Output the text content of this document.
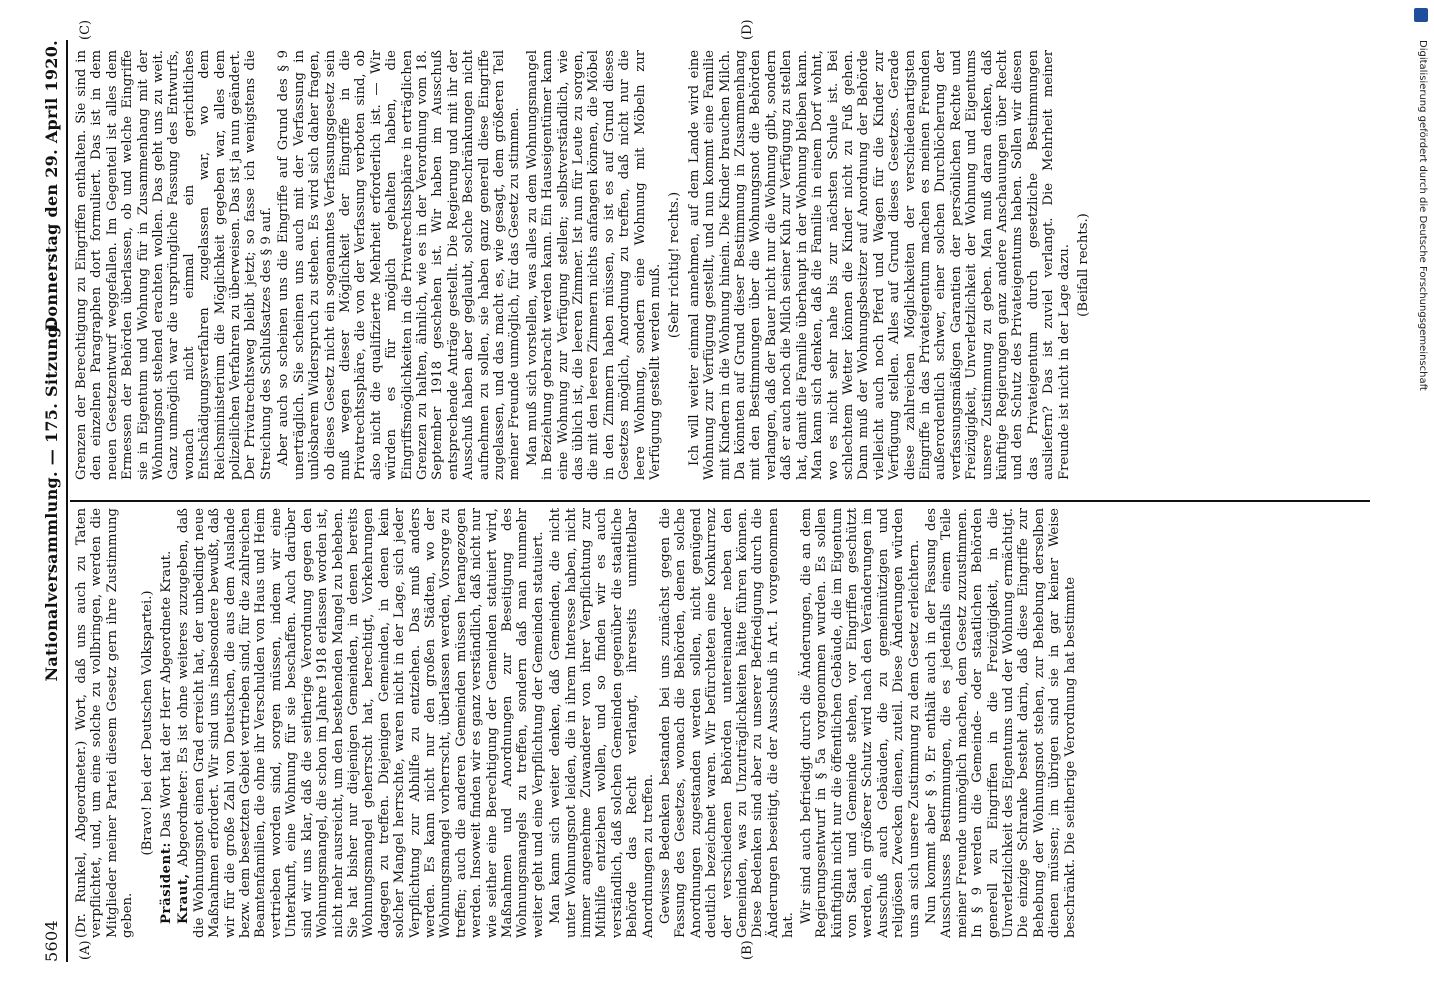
5604
Nationalversammlung. — 175. Sitzung.
Donnerstag den 29. April 1920.
(A)	(B)
(C)	(D)

(Dr. Runkel, Abgeordneter.) Wort, daß uns auch zu Taten verpflichtet, und, um eine solche zu vollbringen, werden die Mitglieder meiner Partei diesem Gesetz gern ihre Zustimmung geben.

(Bravo! bei der Deutschen Volkspartei.)

Präsident: Das Wort hat der Herr Abgeordnete Kraut.

Kraut, Abgeordneter: Es ist ohne weiteres zuzugeben, daß die Wohnungsnot einen Grad erreicht hat, der unbedingt neue Maßnahmen erfordert. Wir sind uns insbesondere bewußt, daß wir für die große Zahl von Deutschen, die aus dem Auslande bezw. dem besetzten Gebiet vertrieben sind, für die zahlreichen Beamtenfamilien, die ohne ihr Verschulden von Haus und Heim vertrieben worden sind, sorgen müssen, indem wir eine Unterkunft, eine Wohnung für sie beschaffen. Auch darüber sind wir uns klar, daß die seitherige Verordnung gegen den Wohnungsmangel, die schon im Jahre 1918 erlassen worden ist, nicht mehr ausreicht, um den bestehenden Mangel zu beheben. Sie hat bisher nur diejenigen Gemeinden, in denen bereits Wohnungsmangel geherrscht hat, berechtigt, Vorkehrungen dagegen zu treffen. Diejenigen Gemeinden, in denen kein solcher Mangel herrschte, waren nicht in der Lage, sich jeder Verpflichtung zur Abhilfe zu entziehen. Das muß anders werden. Es kann nicht nur den großen Städten, wo der Wohnungsmangel vorherrscht, überlassen werden, Vorsorge zu treffen; auch die anderen Gemeinden müssen herangezogen werden. Insoweit finden wir es ganz verständlich, daß nicht nur wie seither eine Berechtigung der Gemeinden statuiert wird, Maßnahmen und Anordnungen zur Beseitigung des Wohnungsmangels zu treffen, sondern daß man nunmehr weiter geht und eine Verpflichtung der Gemeinden statuiert. Man kann sich weiter denken, daß Gemeinden, die nicht unter Wohnungsnot leiden, die in ihrem Interesse haben, nicht immer angenehme Zuwanderer von ihrer Verpflichtung zur Mithilfe entziehen wollen, und so finden wir es auch verständlich, daß solchen Gemeinden gegenüber die staatliche Behörde das Recht verlangt, ihrerseits unmittelbar Anordnungen zu treffen. Gewisse Bedenken bestanden bei uns zunächst gegen die Fassung des Gesetzes, wonach die Behörden, denen solche Anordnungen zugestanden werden sollen, nicht genügend deutlich bezeichnet waren. Wir befürchteten eine Konkurrenz der verschiedenen Behörden untereinander neben den Gemeinden, was zu Unzuträglichkeiten hätte führen können. Diese Bedenken sind aber zu unserer Befriedigung durch die Änderungen beseitigt, die der Ausschuß in Art. 1 vorgenommen hat.

Wir sind auch befriedigt durch die Änderungen, die an dem Regierungsentwurf in § 5a vorgenommen wurden. Es sollen künftighin nicht nur die öffentlichen Gebäude, die im Eigentum von Staat und Gemeinde stehen, vor Eingriffen geschützt werden, ein größerer Schutz wird nach den Veränderungen im Ausschuß auch Gebäuden, die zu gemeinnützigen und religiösen Zwecken dienen, zuteil. Diese Änderungen würden uns an sich unsere Zustimmung zu dem Gesetz erleichtern. Nun kommt aber § 9. Er enthält auch in der Fassung des Ausschusses Bestimmungen, die es jedenfalls einem Teile meiner Freunde unmöglich machen, dem Gesetz zuzustimmen. In § 9 werden die Gemeinde- oder staatlichen Behörden generell zu Eingriffen in die Freizügigkeit, in die Unverletzlichkeit des Eigentums und der Wohnung ermächtigt. Die einzige Schranke besteht darin, daß diese Eingriffe zur Behebung der Wohnungsnot stehen, zur Behebung derselben dienen müssen; im übrigen sind sie in gar keiner Weise beschränkt. Die seitherige Verordnung hat bestimmte

Grenzen der Berechtigung zu Eingriffen enthalten. Sie sind in den einzelnen Paragraphen dort formuliert. Das ist in dem neuen Gesetzentwurf weggefallen. Im Gegenteil ist alles dem Ermessen der Behörden überlassen, ob und welche Eingriffe sie in Eigentum und Wohnung für in Zusammenhang mit der Wohnungsnot stehend erachten wollen. Das geht uns zu weit. Ganz unmöglich war die ursprüngliche Fassung des Entwurfs, wonach nicht einmal ein gerichtliches Entschädigungsverfahren zugelassen war, wo dem Reichsministerium die Möglichkeit gegeben war, alles dem polizeilichen Verfahren zu überweisen. Das ist ja nun geändert. Der Privatrechtsweg bleibt jetzt; so fasse ich wenigstens die Streichung des Schlußsatzes des § 9 auf. Aber auch so scheinen uns die Eingriffe auf Grund des § 9 unerträglich. Sie scheinen uns auch mit der Verfassung in unlösbarem Widerspruch zu stehen. Es wird sich daher fragen, ob dieses Gesetz nicht ein sogenanntes Verfassungsgesetz sein muß wegen dieser Möglichkeit der Eingriffe in die Privatrechtssphäre, die von der Verfassung verboten sind, ob also nicht die qualifizierte Mehrheit erforderlich ist. — Wir würden es für möglich gehalten haben, die Eingriffsmöglichkeiten in die Privatrechtssphäre in erträglichen Grenzen zu halten, ähnlich, wie es in der Verordnung vom 18. September 1918 geschehen ist. Wir haben im Ausschuß entsprechende Anträge gestellt. Die Regierung und mit ihr der Ausschuß haben aber geglaubt, solche Beschränkungen nicht aufnehmen zu sollen, sie haben ganz generell diese Eingriffe zugelassen, und das macht es, wie gesagt, dem größeren Teil meiner Freunde unmöglich, für das Gesetz zu stimmen. Man muß sich vorstellen, was alles zu dem Wohnungsmangel in Beziehung gebracht werden kann. Ein Hauseigentümer kann eine Wohnung zur Verfügung stellen; selbstverständlich, wie das üblich ist, die leeren Zimmer. Ist nun für Leute zu sorgen, die mit den leeren Zimmern nichts anfangen können, die Möbel in den Zimmern haben müssen, so ist es auf Grund dieses Gesetzes möglich, Anordnung zu treffen, daß nicht nur die leere Wohnung, sondern eine Wohnung mit Möbeln zur Verfügung gestellt werden muß. (Sehr richtig! rechts.) Ich will weiter einmal annehmen, auf dem Lande wird eine Wohnung zur Verfügung gestellt, und nun kommt eine Familie mit Kindern in die Wohnung hinein. Die Kinder brauchen Milch. Da könnten auf Grund dieser Bestimmung in Zusammenhang mit den Bestimmungen über die Wohnungsnot die Behörden verlangen, daß der Bauer nicht nur die Wohnung gibt, sondern daß er auch noch die Milch seiner Kuh zur Verfügung zu stellen hat, damit die Familie überhaupt in der Wohnung bleiben kann. Man kann sich denken, daß die Familie in einem Dorf wohnt, wo es nicht sehr nahe bis zur nächsten Schule ist. Bei schlechtem Wetter können die Kinder nicht zu Fuß gehen. Dann muß der Wohnungsbesitzer auf Anordnung der Behörde vielleicht auch noch Pferd und Wagen für die Kinder zur Verfügung stellen. Alles auf Grund dieses Gesetzes. Gerade diese zahlreichen Möglichkeiten der verschiedenartigsten Eingriffe in das Privateigentum machen es meinen Freunden außerordentlich schwer, einer solchen Durchlöcherung der verfassungsmäßigen Garantien der persönlichen Rechte und Freizügigkeit, Unverletzlichkeit der Wohnung und Eigentums unsere Zustimmung zu geben. Man muß daran denken, daß künftige Regierungen ganz andere Anschauungen über Recht und den Schutz des Privateigentums haben. Sollen wir diesen das Privateigentum durch gesetzliche Bestimmungen ausliefern? Das ist zuviel verlangt. Die Mehrheit meiner Freunde ist nicht in der Lage dazu. (Beifall rechts.)	Digitalisierung gefördert durch die Deutsche Forschungsgemeinschaft
